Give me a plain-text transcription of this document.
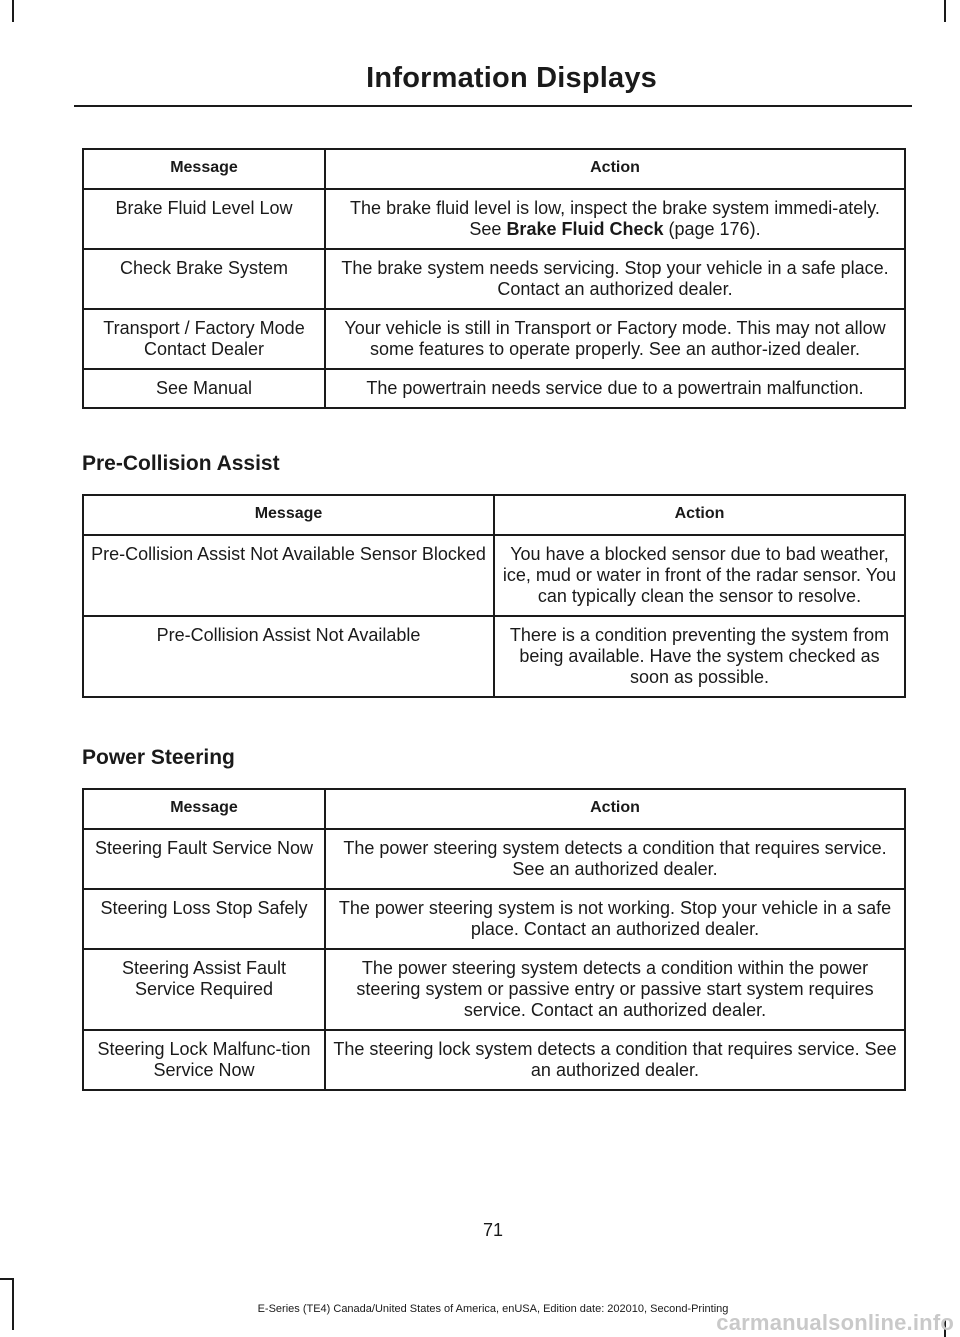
Information Displays
Message	Action
Brake Fluid Level Low	The brake fluid level is low, inspect the brake system immedi-ately. See Brake Fluid Check (page 176).
Check Brake System	The brake system needs servicing. Stop your vehicle in a safe place. Contact an authorized dealer.
Transport / Factory Mode Contact Dealer	Your vehicle is still in Transport or Factory mode. This may not allow some features to operate properly. See an author-ized dealer.
See Manual	The powertrain needs service due to a powertrain malfunction.
Pre-Collision Assist
Message	Action
Pre-Collision Assist Not Available Sensor Blocked	You have a blocked sensor due to bad weather, ice, mud or water in front of the radar sensor. You can typically clean the sensor to resolve.
Pre-Collision Assist Not Available	There is a condition preventing the system from being available. Have the system checked as soon as possible.
Power Steering
Message	Action
Steering Fault Service Now	The power steering system detects a condition that requires service. See an authorized dealer.
Steering Loss Stop Safely	The power steering system is not working. Stop your vehicle in a safe place. Contact an authorized dealer.
Steering Assist Fault Service Required	The power steering system detects a condition within the power steering system or passive entry or passive start system requires service. Contact an authorized dealer.
Steering Lock Malfunc-tion Service Now	The steering lock system detects a condition that requires service. See an authorized dealer.
71
E-Series (TE4) Canada/United States of America, enUSA, Edition date: 202010, Second-Printing
carmanualsonline.info
